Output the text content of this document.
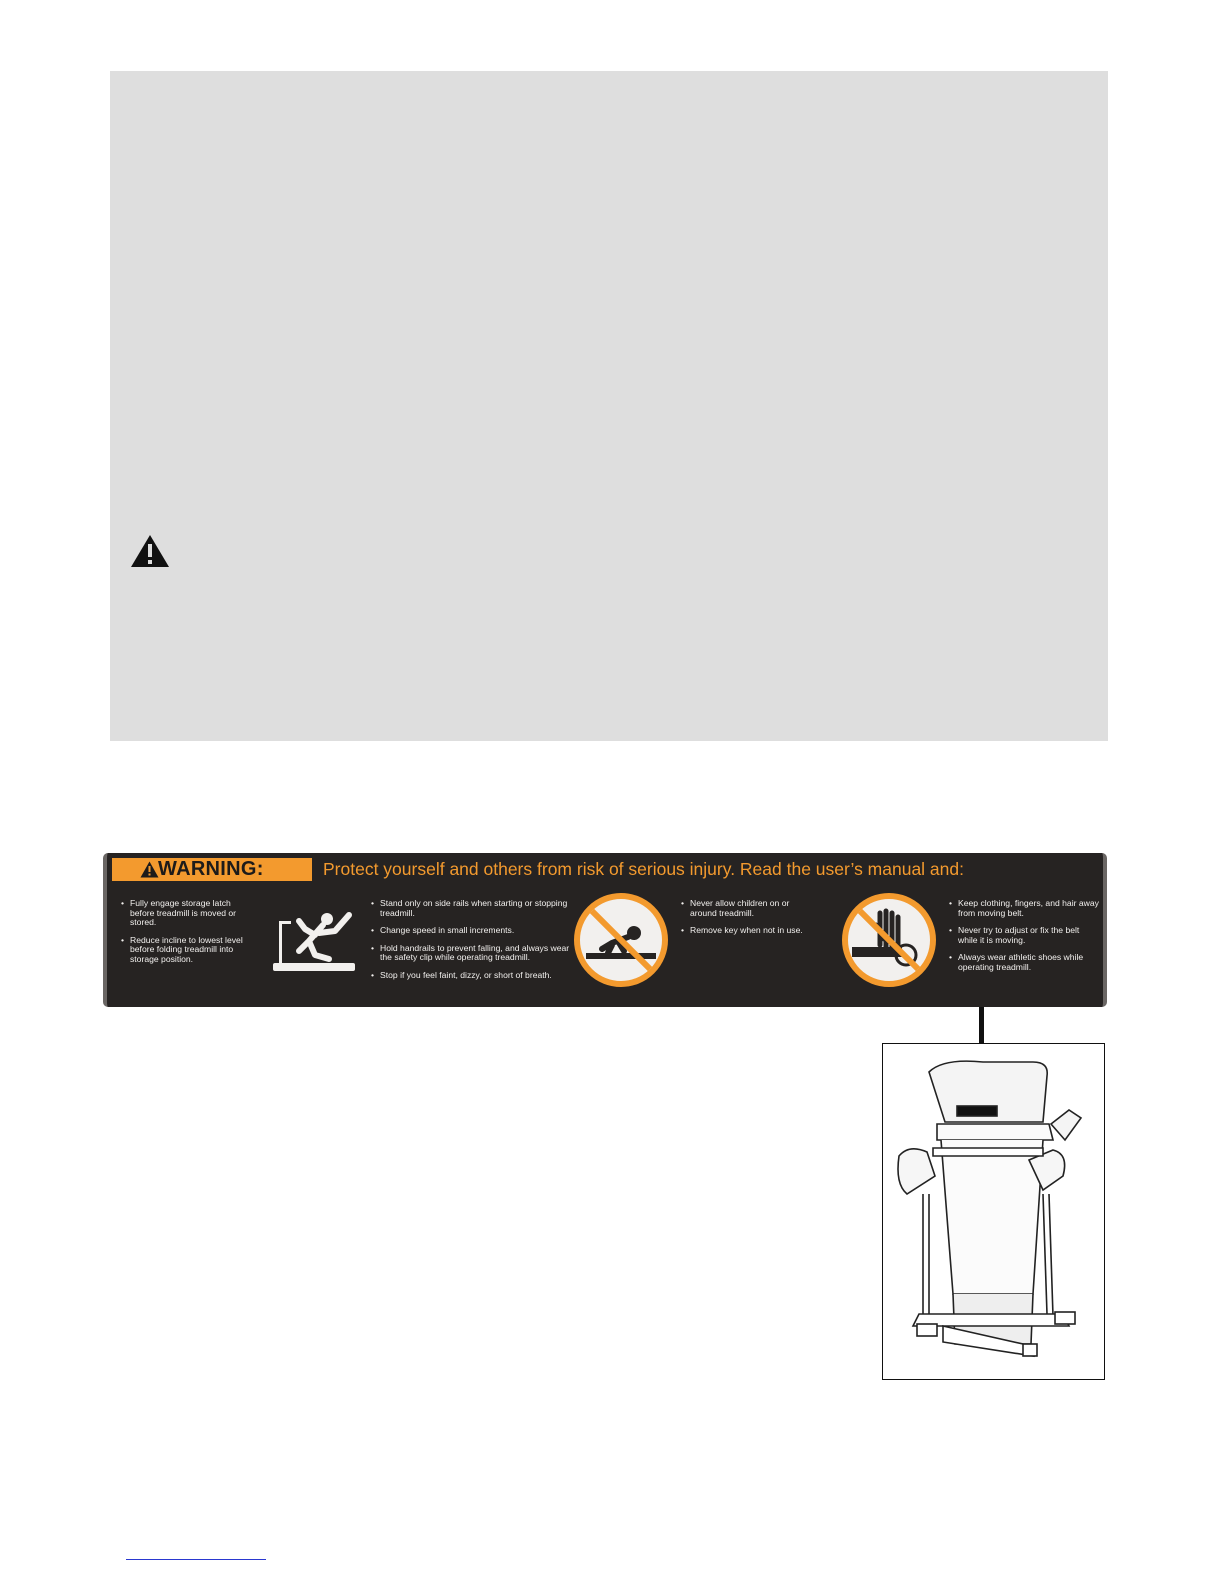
WARNING:	Protect yourself and others from risk of serious injury. Read the user’s manual and:
• Fully engage storage latch before treadmill is moved or stored.
• Reduce incline to lowest level before folding treadmill into storage position.
• Stand only on side rails when starting or stopping treadmill.
• Change speed in small increments.
• Hold handrails to prevent falling, and always wear the safety clip while operating treadmill.
• Stop if you feel faint, dizzy, or short of breath.
• Never allow children on or around treadmill.
• Remove key when not in use.
• Keep clothing, fingers, and hair away from moving belt.
• Never try to adjust or fix the belt while it is moving.
• Always wear athletic shoes while operating treadmill.
